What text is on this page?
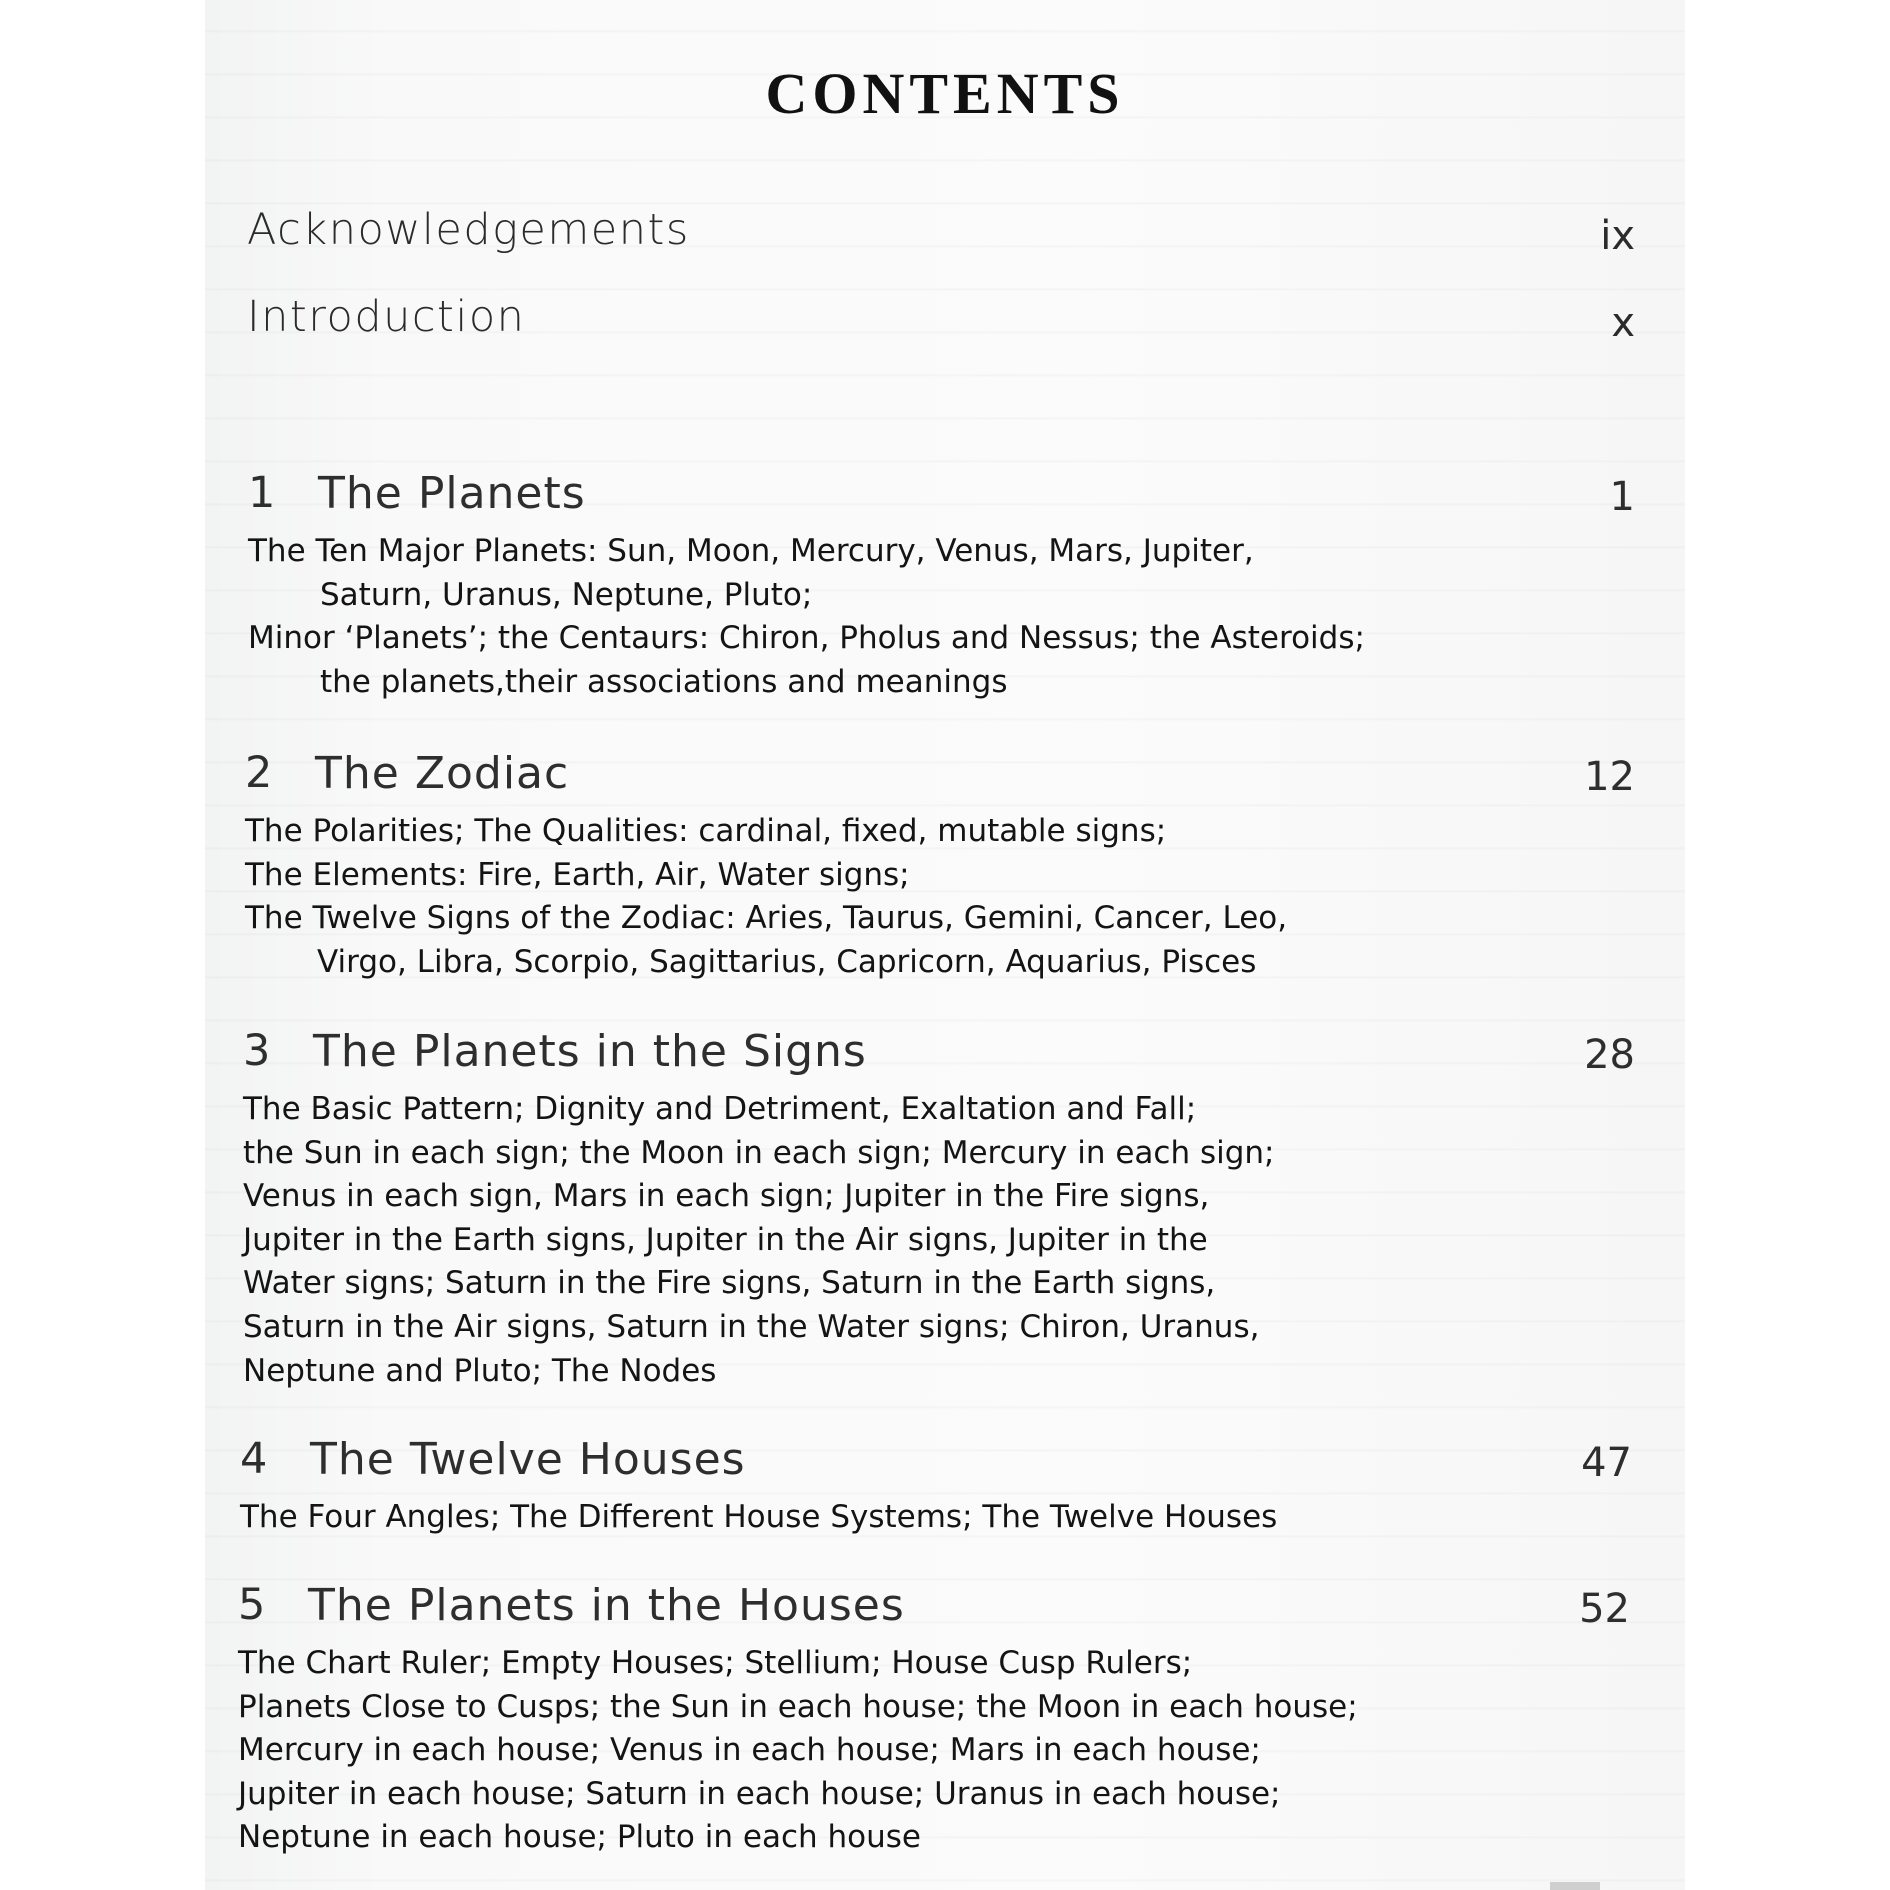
CONTENTS
Acknowledgements	ix
Introduction	x
1 The Planets	1
The Ten Major Planets: Sun, Moon, Mercury, Venus, Mars, Jupiter,
Saturn, Uranus, Neptune, Pluto;
Minor ‘Planets’; the Centaurs: Chiron, Pholus and Nessus; the Asteroids;
the planets,their associations and meanings
2 The Zodiac	12
The Polarities; The Qualities: cardinal, fixed, mutable signs;
The Elements: Fire, Earth, Air, Water signs;
The Twelve Signs of the Zodiac: Aries, Taurus, Gemini, Cancer, Leo,
Virgo, Libra, Scorpio, Sagittarius, Capricorn, Aquarius, Pisces
3 The Planets in the Signs	28
The Basic Pattern; Dignity and Detriment, Exaltation and Fall;
the Sun in each sign; the Moon in each sign; Mercury in each sign;
Venus in each sign, Mars in each sign; Jupiter in the Fire signs,
Jupiter in the Earth signs, Jupiter in the Air signs, Jupiter in the
Water signs; Saturn in the Fire signs, Saturn in the Earth signs,
Saturn in the Air signs, Saturn in the Water signs; Chiron, Uranus,
Neptune and Pluto; The Nodes
4 The Twelve Houses	47
The Four Angles; The Different House Systems; The Twelve Houses
5 The Planets in the Houses	52
The Chart Ruler; Empty Houses; Stellium; House Cusp Rulers;
Planets Close to Cusps; the Sun in each house; the Moon in each house;
Mercury in each house; Venus in each house; Mars in each house;
Jupiter in each house; Saturn in each house; Uranus in each house;
Neptune in each house; Pluto in each house
